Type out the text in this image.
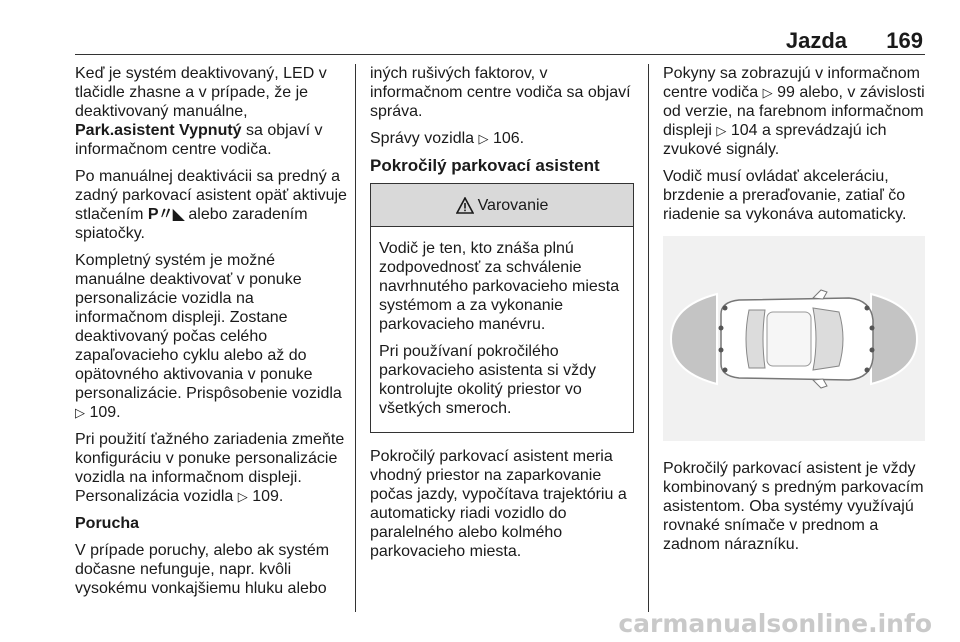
Jazda 169

Keď je systém deaktivovaný, LED v tlačidle zhasne a v prípade, že je deaktivovaný manuálne, Park.asistent Vypnutý sa objaví v informačnom centre vodiča.

Po manuálnej deaktivácii sa predný a zadný parkovací asistent opäť aktivuje stlačením P〃◣ alebo zaradením spiatočky.

Kompletný systém je možné manuálne deaktivovať v ponuke personalizácie vozidla na informačnom displeji. Zostane deaktivovaný počas celého zapaľovacieho cyklu alebo až do opätovného aktivovania v ponuke personalizácie. Prispôsobenie vozidla ▷ 109.

Pri použití ťažného zariadenia zmeňte konfiguráciu v ponuke personalizácie vozidla na informačnom displeji. Personalizácia vozidla ▷ 109.

Porucha

V prípade poruchy, alebo ak systém dočasne nefunguje, napr. kvôli vysokému vonkajšiemu hluku alebo

iných rušivých faktorov, v informačnom centre vodiča sa objaví správa.

Správy vozidla ▷ 106.

Pokročilý parkovací asistent

Varovanie

Vodič je ten, kto znáša plnú zodpovednosť za schválenie navrhnutého parkovacieho miesta systémom a za vykonanie parkovacieho manévru.

Pri používaní pokročilého parkovacieho asistenta si vždy kontrolujte okolitý priestor vo všetkých smeroch.

Pokročilý parkovací asistent meria vhodný priestor na zaparkovanie počas jazdy, vypočítava trajektóriu a automaticky riadi vozidlo do paralelného alebo kolmého parkovacieho miesta.

Pokyny sa zobrazujú v informačnom centre vodiča ▷ 99 alebo, v závislosti od verzie, na farebnom informačnom displeji ▷ 104 a sprevádzajú ich zvukové signály.

Vodič musí ovládať akceleráciu, brzdenie a preraďovanie, zatiaľ čo riadenie sa vykonáva automaticky.

Pokročilý parkovací asistent je vždy kombinovaný s predným parkovacím asistentom. Oba systémy využívajú rovnaké snímače v prednom a zadnom nárazníku.

carmanualsonline.info
